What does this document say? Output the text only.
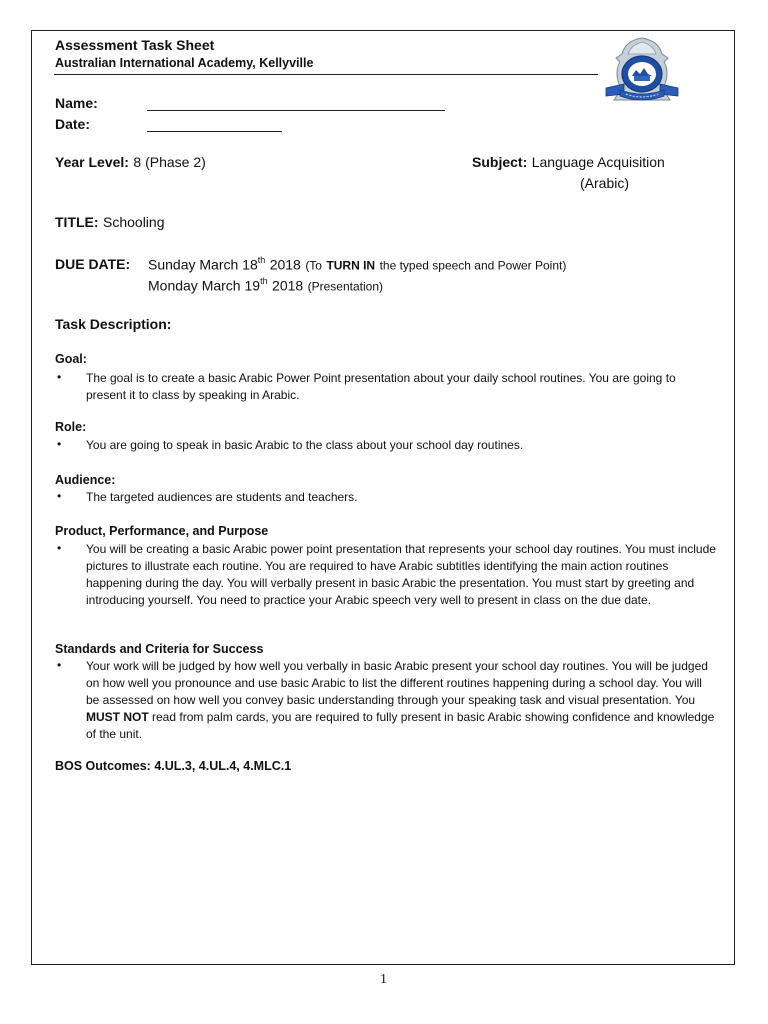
Assessment Task Sheet
Australian International Academy, Kellyville
Name:
Date:
Year Level: 8 (Phase 2)	Subject: Language Acquisition
(Arabic)
TITLE: Schooling
DUE DATE: Sunday March 18th 2018 (To TURN IN the typed speech and Power Point)
Monday March 19th 2018 (Presentation)
Task Description:
Goal:
• The goal is to create a basic Arabic Power Point presentation about your daily school routines. You are going to present it to class by speaking in Arabic.
Role:
• You are going to speak in basic Arabic to the class about your school day routines.
Audience:
• The targeted audiences are students and teachers.
Product, Performance, and Purpose
• You will be creating a basic Arabic power point presentation that represents your school day routines. You must include pictures to illustrate each routine. You are required to have Arabic subtitles identifying the main action routines happening during the day. You will verbally present in basic Arabic the presentation. You must start by greeting and introducing yourself. You need to practice your Arabic speech very well to present in class on the due date.
Standards and Criteria for Success
• Your work will be judged by how well you verbally in basic Arabic present your school day routines. You will be judged on how well you pronounce and use basic Arabic to list the different routines happening during a school day. You will be assessed on how well you convey basic understanding through your speaking task and visual presentation. You MUST NOT read from palm cards, you are required to fully present in basic Arabic showing confidence and knowledge of the unit.
BOS Outcomes: 4.UL.3, 4.UL.4, 4.MLC.1
1
